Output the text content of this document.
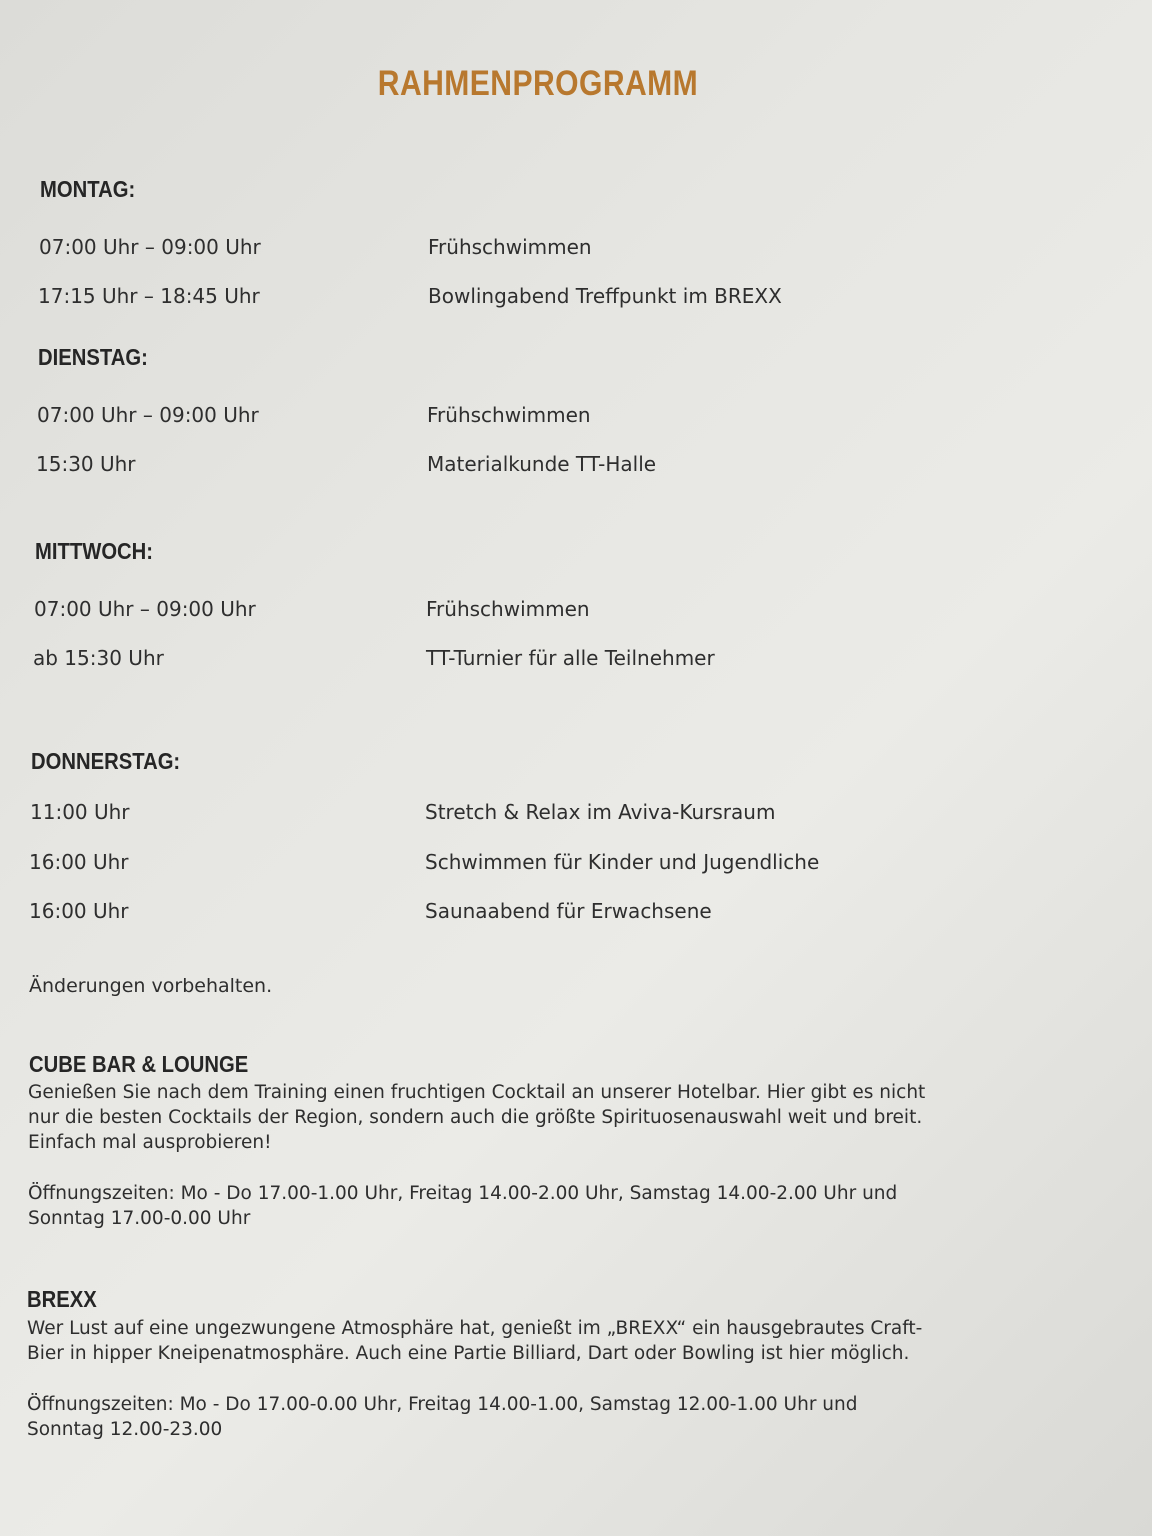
RAHMENPROGRAMM
MONTAG:
07:00 Uhr – 09:00 Uhr	Frühschwimmen
17:15 Uhr – 18:45 Uhr	Bowlingabend Treffpunkt im BREXX
DIENSTAG:
07:00 Uhr – 09:00 Uhr	Frühschwimmen
15:30 Uhr	Materialkunde TT-Halle
MITTWOCH:
07:00 Uhr – 09:00 Uhr	Frühschwimmen
ab 15:30 Uhr	TT-Turnier für alle Teilnehmer
DONNERSTAG:
11:00 Uhr	Stretch & Relax im Aviva-Kursraum
16:00 Uhr	Schwimmen für Kinder und Jugendliche
16:00 Uhr	Saunaabend für Erwachsene
Änderungen vorbehalten.
CUBE BAR & LOUNGE
Genießen Sie nach dem Training einen fruchtigen Cocktail an unserer Hotelbar. Hier gibt es nicht
nur die besten Cocktails der Region, sondern auch die größte Spirituosenauswahl weit und breit.
Einfach mal ausprobieren!
Öffnungszeiten: Mo - Do 17.00-1.00 Uhr, Freitag 14.00-2.00 Uhr, Samstag 14.00-2.00 Uhr und
Sonntag 17.00-0.00 Uhr
BREXX
Wer Lust auf eine ungezwungene Atmosphäre hat, genießt im „BREXX“ ein hausgebrautes Craft-
Bier in hipper Kneipenatmosphäre. Auch eine Partie Billiard, Dart oder Bowling ist hier möglich.
Öffnungszeiten: Mo - Do 17.00-0.00 Uhr, Freitag 14.00-1.00, Samstag 12.00-1.00 Uhr und
Sonntag 12.00-23.00
